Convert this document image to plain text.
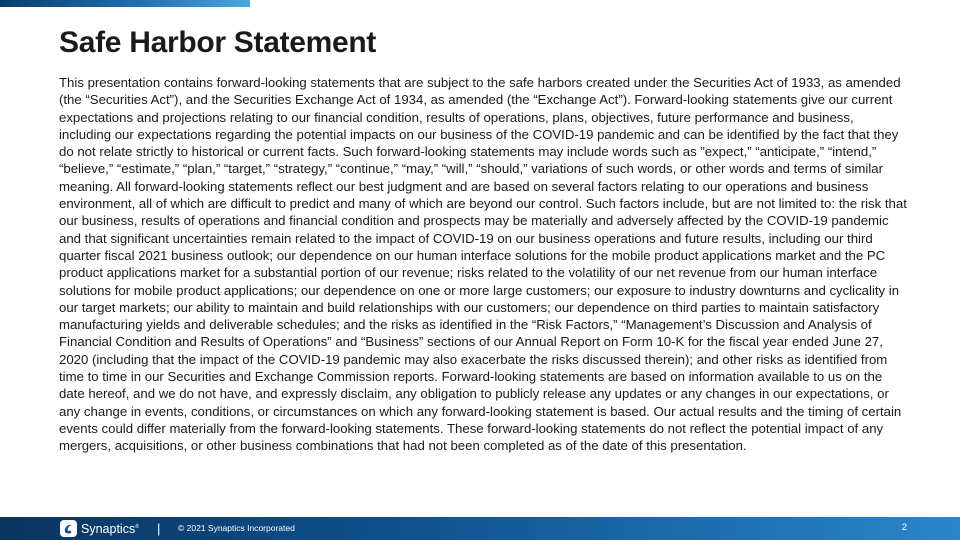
Safe Harbor Statement

This presentation contains forward-looking statements that are subject to the safe harbors created under the Securities Act of 1933, as amended (the “Securities Act”), and the Securities Exchange Act of 1934, as amended (the “Exchange Act”). Forward-looking statements give our current expectations and projections relating to our financial condition, results of operations, plans, objectives, future performance and business, including our expectations regarding the potential impacts on our business of the COVID-19 pandemic and can be identified by the fact that they do not relate strictly to historical or current facts. Such forward-looking statements may include words such as ”expect,” “anticipate,” “intend,” “believe,” “estimate,” “plan,” “target,” “strategy,” “continue,” “may,” “will,” “should,” variations of such words, or other words and terms of similar meaning. All forward-looking statements reflect our best judgment and are based on several factors relating to our operations and business environment, all of which are difficult to predict and many of which are beyond our control. Such factors include, but are not limited to: the risk that our business, results of operations and financial condition and prospects may be materially and adversely affected by the COVID-19 pandemic and that significant uncertainties remain related to the impact of COVID-19 on our business operations and future results, including our third quarter fiscal 2021 business outlook; our dependence on our human interface solutions for the mobile product applications market and the PC product applications market for a substantial portion of our revenue; risks related to the volatility of our net revenue from our human interface solutions for mobile product applications; our dependence on one or more large customers; our exposure to industry downturns and cyclicality in our target markets; our ability to maintain and build relationships with our customers; our dependence on third parties to maintain satisfactory manufacturing yields and deliverable schedules; and the risks as identified in the “Risk Factors,” “Management’s Discussion and Analysis of Financial Condition and Results of Operations” and “Business” sections of our Annual Report on Form 10-K for the fiscal year ended June 27, 2020 (including that the impact of the COVID-19 pandemic may also exacerbate the risks discussed therein); and other risks as identified from time to time in our Securities and Exchange Commission reports. Forward-looking statements are based on information available to us on the date hereof, and we do not have, and expressly disclaim, any obligation to publicly release any updates or any changes in our expectations, or any change in events, conditions, or circumstances on which any forward-looking statement is based. Our actual results and the timing of certain events could differ materially from the forward-looking statements. These forward-looking statements do not reflect the potential impact of any mergers, acquisitions, or other business combinations that had not been completed as of the date of this presentation.

Synaptics® | © 2021 Synaptics Incorporated	2
